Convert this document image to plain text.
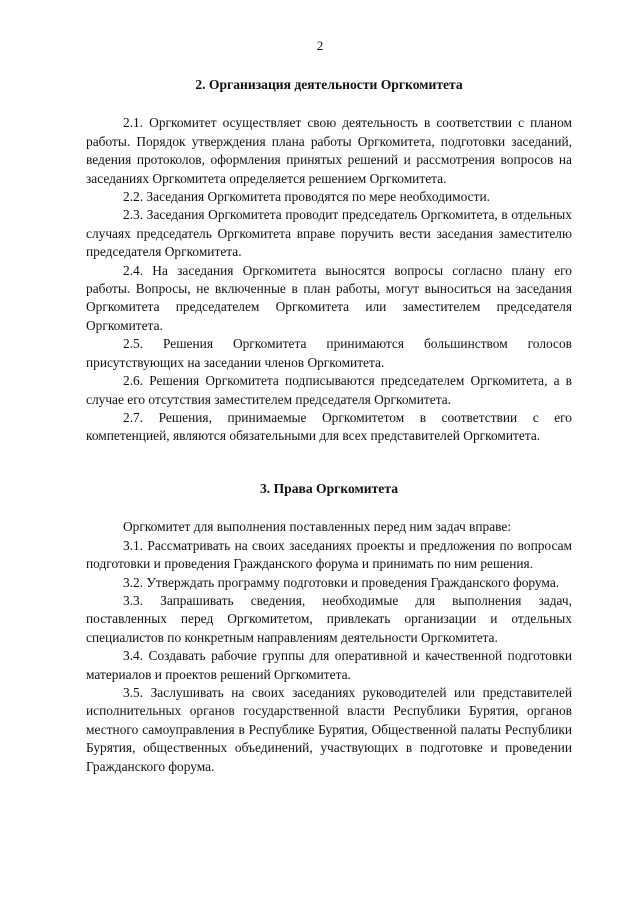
2
2. Организация деятельности Оргкомитета

2.1. Оргкомитет осуществляет свою деятельность в соответствии с планом работы. Порядок утверждения плана работы Оргкомитета, подготовки заседаний, ведения протоколов, оформления принятых решений и рассмотрения вопросов на заседаниях Оргкомитета определяется решением Оргкомитета.

2.2. Заседания Оргкомитета проводятся по мере необходимости.

2.3. Заседания Оргкомитета проводит председатель Оргкомитета, в отдельных случаях председатель Оргкомитета вправе поручить вести заседания заместителю председателя Оргкомитета.

2.4. На заседания Оргкомитета выносятся вопросы согласно плану его работы. Вопросы, не включенные в план работы, могут выноситься на заседания Оргкомитета председателем Оргкомитета или заместителем председателя Оргкомитета.

2.5. Решения Оргкомитета принимаются большинством голосов присутствующих на заседании членов Оргкомитета.

2.6. Решения Оргкомитета подписываются председателем Оргкомитета, а в случае его отсутствия заместителем председателя Оргкомитета.

2.7. Решения, принимаемые Оргкомитетом в соответствии с его компетенцией, являются обязательными для всех представителей Оргкомитета.

3. Права Оргкомитета

Оргкомитет для выполнения поставленных перед ним задач вправе:

3.1. Рассматривать на своих заседаниях проекты и предложения по вопросам подготовки и проведения Гражданского форума и принимать по ним решения.

3.2. Утверждать программу подготовки и проведения Гражданского форума.

3.3. Запрашивать сведения, необходимые для выполнения задач, поставленных перед Оргкомитетом, привлекать организации и отдельных специалистов по конкретным направлениям деятельности Оргкомитета.

3.4. Создавать рабочие группы для оперативной и качественной подготовки материалов и проектов решений Оргкомитета.

3.5. Заслушивать на своих заседаниях руководителей или представителей исполнительных органов государственной власти Республики Бурятия, органов местного самоуправления в Республике Бурятия, Общественной палаты Республики Бурятия, общественных объединений, участвующих в подготовке и проведении Гражданского форума.
